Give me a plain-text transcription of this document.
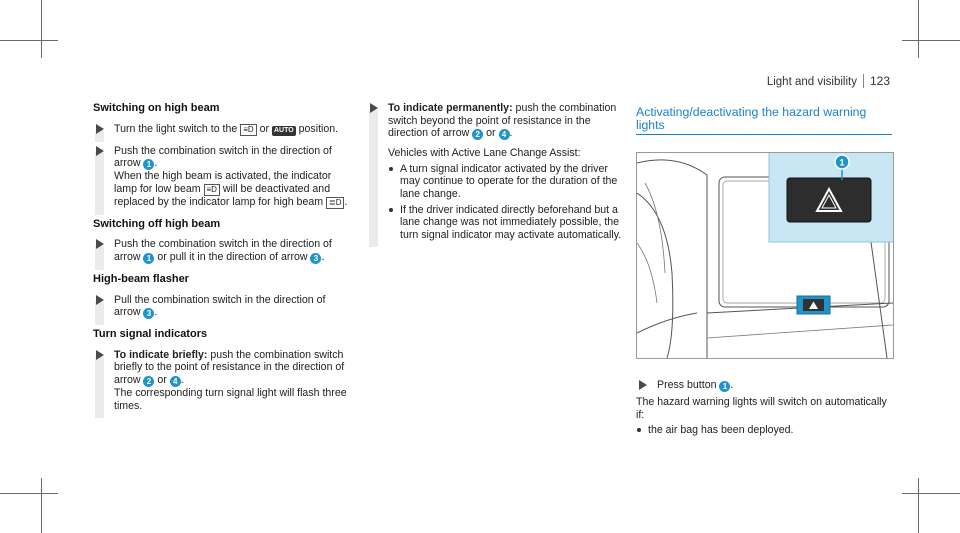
Light and visibility 123
Switching on high beam

Turn the light switch to the ≡D or AUTO position.

Push the combination switch in the direction of arrow 1 .

When the high beam is activated, the indicator lamp for low beam ≡D will be deactivated and replaced by the indicator lamp for high beam ≣D .

Switching off high beam

Push the combination switch in the direction of arrow 1 or pull it in the direction of arrow 3 .

High-beam flasher

Pull the combination switch in the direction of arrow 3 .

Turn signal indicators

To indicate briefly: push the combination switch briefly to the point of resistance in the direction of arrow 2 or 4 .

The corresponding turn signal light will flash three times.

To indicate permanently: push the combination switch beyond the point of resistance in the direction of arrow 2 or 4 .

Vehicles with Active Lane Change Assist:

A turn signal indicator activated by the driver may continue to operate for the duration of the lane change.
If the driver indicated directly beforehand but a lane change was not immediately possible, the turn signal indicator may activate automatically.
Activating/deactivating the hazard warning lights
1

Press button 1 .

The hazard warning lights will switch on automatically if:

the air bag has been deployed.
